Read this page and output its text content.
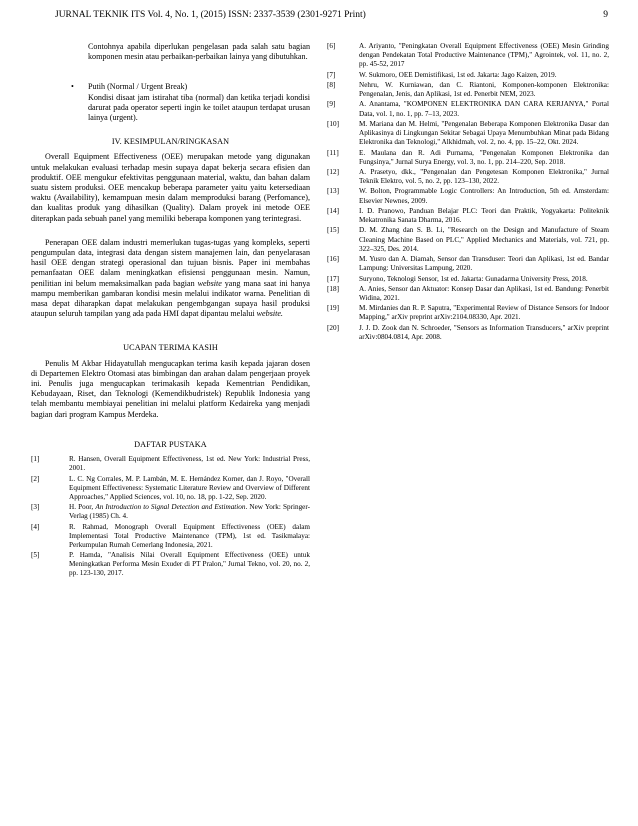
JURNAL TEKNIK ITS Vol. 4, No. 1, (2015) ISSN: 2337-3539 (2301-9271 Print)	9

Contohnya apabila diperlukan pengelasan pada salah satu bagian komponen mesin atau perbaikan-perbaikan lainya yang dibutuhkan.

• Putih (Normal / Urgent Break)

Kondisi disaat jam istirahat tiba (normal) dan ketika terjadi kondisi darurat pada operator seperti ingin ke toilet ataupun terdapat urusan lainya (urgent).

IV. KESIMPULAN/RINGKASAN

Overall Equipment Effectiveness (OEE) merupakan metode yang digunakan untuk melakukan evaluasi terhadap mesin supaya dapat bekerja secara efisien dan produktif. OEE mengukur efektivitas penggunaan material, waktu, dan bahan dalam suatu sistem produksi. OEE mencakup beberapa parameter yaitu yaitu ketersediaan waktu (Availability), kemampuan mesin dalam memproduksi barang (Perfomance), dan kualitas produk yang dihasilkan (Quality). Dalam proyek ini metode OEE diterapkan pada sebuah panel yang memiliki beberapa komponen yang terintegrasi.

Penerapan OEE dalam industri memerlukan tugas-tugas yang kompleks, seperti pengumpulan data, integrasi data dengan sistem manajemen lain, dan penyelarasan hasil OEE dengan strategi operasional dan tujuan bisnis. Paper ini membahas pemanfaatan OEE dalam meningkatkan efisiensi penggunaan mesin. Namun, penilitian ini belum memaksimalkan pada bagian website yang mana saat ini hanya mampu memberikan gambaran kondisi mesin melalui indikator warna. Penelitian di masa depat diharapkan dapat melakukan pengembgangan supaya hasil produksi ataupun seluruh tampilan yang ada pada HMI dapat dipantau melalui website.

UCAPAN TERIMA KASIH

Penulis M Akbar Hidayatullah mengucapkan terima kasih kepada jajaran dosen di Departemen Elektro Otomasi atas bimbingan dan arahan dalam pengerjaan proyek ini. Penulis juga mengucapkan terimakasih kepada Kementrian Pendidikan, Kebudayaan, Riset, dan Teknologi (Kemendikbudristek) Republik Indonesia yang telah membantu membiayai penelitian ini melalui platform Kedaireka yang menjadi bagian dari program Kampus Merdeka.

DAFTAR PUSTAKA

[1]	R. Hansen, Overall Equipment Effectiveness, 1st ed. New York: Industrial Press, 2001.
[2]	L. C. Ng Corrales, M. P. Lambán, M. E. Hernández Korner, dan J. Royo, "Overall Equipment Effectiveness: Systematic Literature Review and Overview of Different Approaches," Applied Sciences, vol. 10, no. 18, pp. 1-22, Sep. 2020.
[3]	H. Poor, An Introduction to Signal Detection and Estimation. New York: Springer-Verlag (1985) Ch. 4.
[4]	R. Rahmad, Monograph Overall Equipment Effectiveness (OEE) dalam Implementasi Total Productive Maintenance (TPM), 1st ed. Tasikmalaya: Perkumpulan Rumah Cemerlang Indonesia, 2021.
[5]	P. Hamda, "Analisis Nilai Overall Equipment Effectiveness (OEE) untuk Meningkatkan Performa Mesin Exuder di PT Pralon," Jurnal Tekno, vol. 20, no. 2, pp. 123-130, 2017.
[6]	A. Ariyanto, "Peningkatan Overall Equipment Effectiveness (OEE) Mesin Grinding dengan Pendekatan Total Productive Maintenance (TPM)," Agrointek, vol. 11, no. 2, pp. 45-52, 2017
[7]	W. Sukmoro, OEE Demistifikasi, 1st ed. Jakarta: Jago Kaizen, 2019.
[8]	Nehru, W. Kurniawan, dan C. Riantoni, Komponen-komponen Elektronika: Pengenalan, Jenis, dan Aplikasi, 1st ed. Penerbit NEM, 2023.
[9]	A. Anantama, "KOMPONEN ELEKTRONIKA DAN CARA KERJANYA," Portal Data, vol. 1, no. 1, pp. 7–13, 2023.
[10]	M. Mariana dan M. Helmi, "Pengenalan Beberapa Komponen Elektronika Dasar dan Aplikasinya di Lingkungan Sekitar Sebagai Upaya Menumbuhkan Minat pada Bidang Elektronika dan Teknologi," Alkhidmah, vol. 2, no. 4, pp. 15–22, Okt. 2024.
[11]	E. Maulana dan R. Adi Purnama, "Pengenalan Komponen Elektronika dan Fungsinya," Jurnal Surya Energy, vol. 3, no. 1, pp. 214–220, Sep. 2018.
[12]	A. Prasetyo, dkk., "Pengenalan dan Pengetesan Komponen Elektronika," Jurnal Teknik Elektro, vol. 5, no. 2, pp. 123–130, 2022.
[13]	W. Bolton, Programmable Logic Controllers: An Introduction, 5th ed. Amsterdam: Elsevier Newnes, 2009.
[14]	I. D. Pranowo, Panduan Belajar PLC: Teori dan Praktik, Yogyakarta: Politeknik Mekatronika Sanata Dharma, 2016.
[15]	D. M. Zhang dan S. B. Li, "Research on the Design and Manufacture of Steam Cleaning Machine Based on PLC," Applied Mechanics and Materials, vol. 721, pp. 322–325, Des. 2014.
[16]	M. Yusro dan A. Diamah, Sensor dan Transduser: Teori dan Aplikasi, 1st ed. Bandar Lampung: Universitas Lampung, 2020.
[17]	Suryono, Teknologi Sensor, 1st ed. Jakarta: Gunadarma University Press, 2018.
[18]	A. Anies, Sensor dan Aktuator: Konsep Dasar dan Aplikasi, 1st ed. Bandung: Penerbit Widina, 2021.
[19]	M. Mirdanies dan R. P. Saputra, "Experimental Review of Distance Sensors for Indoor Mapping," arXiv preprint arXiv:2104.08330, Apr. 2021.
[20]	J. J. D. Zook dan N. Schroeder, "Sensors as Information Transducers," arXiv preprint arXiv:0804.0814, Apr. 2008.
